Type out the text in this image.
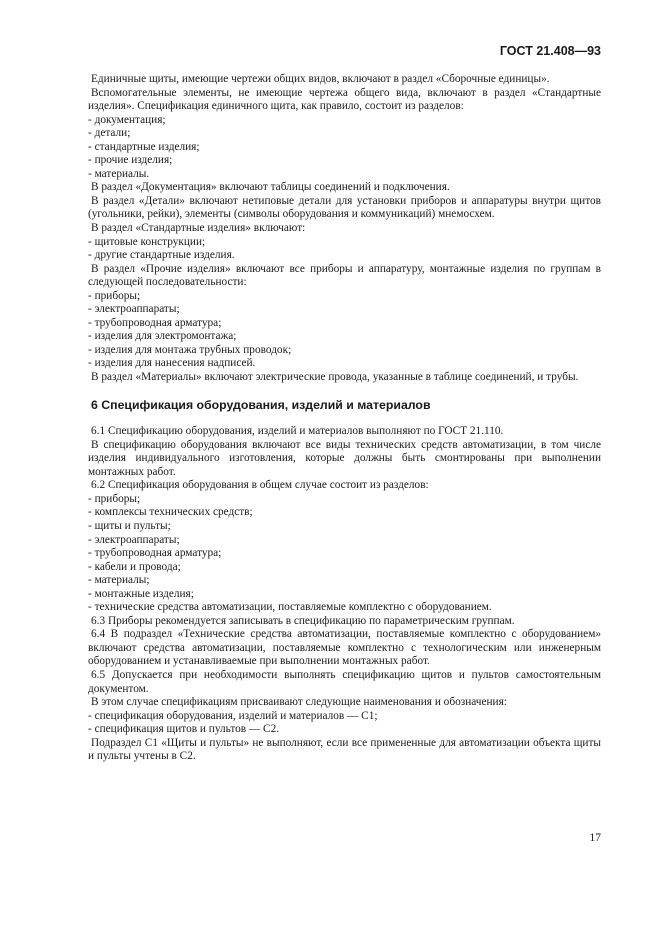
ГОСТ 21.408—93

Единичные щиты, имеющие чертежи общих видов, включают в раздел «Сборочные единицы».

Вспомогательные элементы, не имеющие чертежа общего вида, включают в раздел «Стандартные изделия». Спецификация единичного щита, как правило, состоит из разделов:

- документация;

- детали;

- стандартные изделия;

- прочие изделия;

- материалы.

В раздел «Документация» включают таблицы соединений и подключения.

В раздел «Детали» включают нетиповые детали для установки приборов и аппаратуры внутри щитов (угольники, рейки), элементы (символы оборудования и коммуникаций) мнемосхем.

В раздел «Стандартные изделия» включают:

- щитовые конструкции;

- другие стандартные изделия.

В раздел «Прочие изделия» включают все приборы и аппаратуру, монтажные изделия по группам в следующей последовательности:

- приборы;

- электроаппараты;

- трубопроводная арматура;

- изделия для электромонтажа;

- изделия для монтажа трубных проводок;

- изделия для нанесения надписей.

В раздел «Материалы» включают электрические провода, указанные в таблице соединений, и трубы.

6 Спецификация оборудования, изделий и материалов

6.1 Спецификацию оборудования, изделий и материалов выполняют по ГОСТ 21.110.

В спецификацию оборудования включают все виды технических средств автоматизации, в том числе изделия индивидуального изготовления, которые должны быть смонтированы при выполнении монтажных работ.

6.2 Спецификация оборудования в общем случае состоит из разделов:

- приборы;

- комплексы технических средств;

- щиты и пульты;

- электроаппараты;

- трубопроводная арматура;

- кабели и провода;

- материалы;

- монтажные изделия;

- технические средства автоматизации, поставляемые комплектно с оборудованием.

6.3 Приборы рекомендуется записывать в спецификацию по параметрическим группам.

6.4 В подраздел «Технические средства автоматизации, поставляемые комплектно с оборудованием» включают средства автоматизации, поставляемые комплектно с технологическим или инженерным оборудованием и устанавливаемые при выполнении монтажных работ.

6.5 Допускается при необходимости выполнять спецификацию щитов и пультов самостоятельным документом.

В этом случае спецификациям присваивают следующие наименования и обозначения:

- спецификация оборудования, изделий и материалов — С1;

- спецификация щитов и пультов — С2.

Подраздел С1 «Щиты и пульты» не выполняют, если все примененные для автоматизации объекта щиты и пульты учтены в С2.

17
